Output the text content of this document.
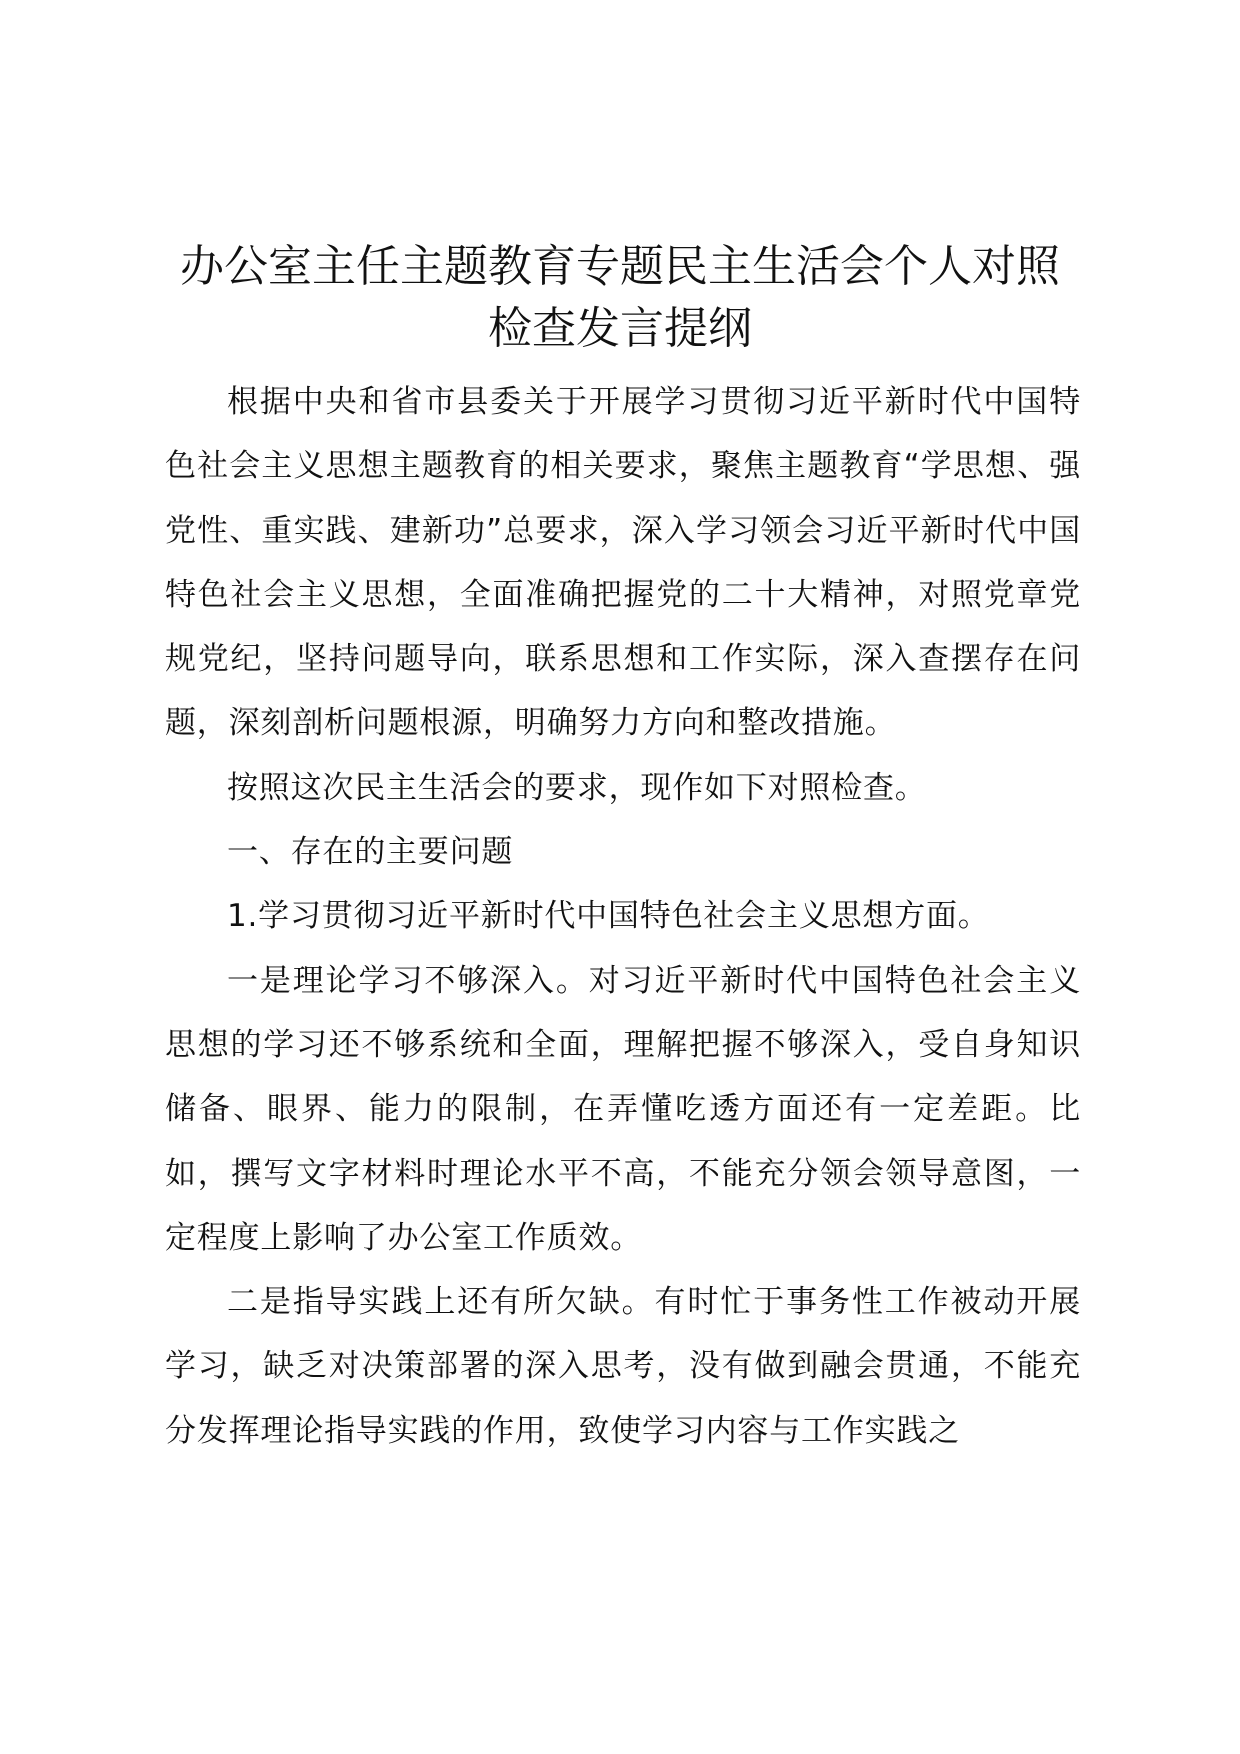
办公室主任主题教育专题民主生活会个人对照
检查发言提纲

根据中央和省市县委关于开展学习贯彻习近平新时代中国特色社会主义思想主题教育的相关要求，聚焦主题教育“学思想、强党性、重实践、建新功”总要求，深入学习领会习近平新时代中国特色社会主义思想，全面准确把握党的二十大精神，对照党章党规党纪，坚持问题导向，联系思想和工作实际，深入查摆存在问题，深刻剖析问题根源，明确努力方向和整改措施。

按照这次民主生活会的要求，现作如下对照检查。

一、存在的主要问题

1.学习贯彻习近平新时代中国特色社会主义思想方面。

一是理论学习不够深入。对习近平新时代中国特色社会主义思想的学习还不够系统和全面，理解把握不够深入，受自身知识储备、眼界、能力的限制，在弄懂吃透方面还有一定差距。比如，撰写文字材料时理论水平不高，不能充分领会领导意图，一定程度上影响了办公室工作质效。

二是指导实践上还有所欠缺。有时忙于事务性工作被动开展学习，缺乏对决策部署的深入思考，没有做到融会贯通，不能充分发挥理论指导实践的作用，致使学习内容与工作实践之
